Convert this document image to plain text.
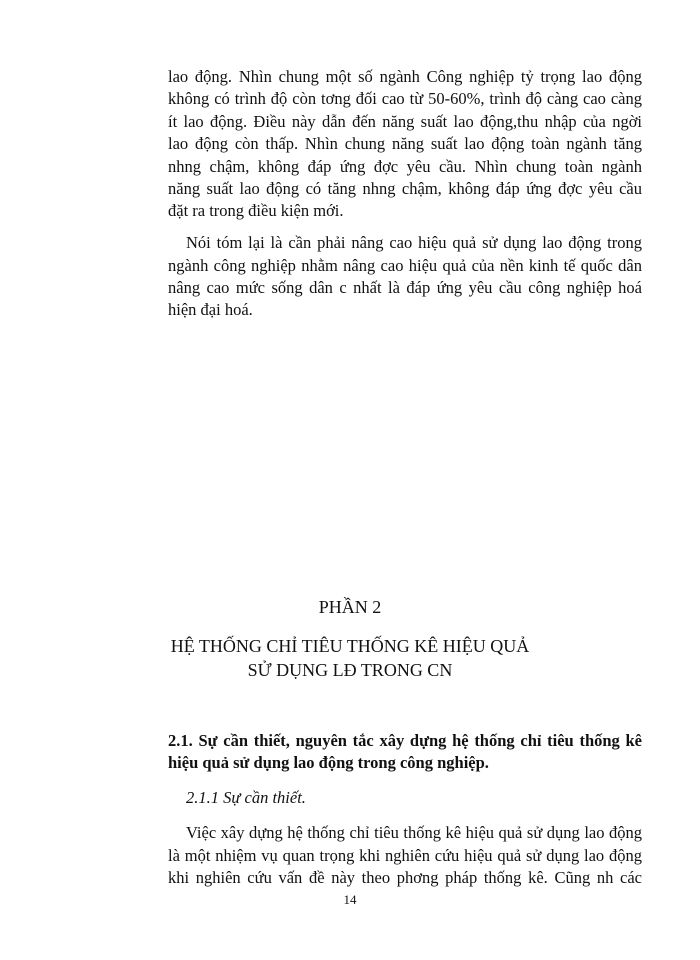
lao động. Nhìn chung một số ngành Công nghiệp tỷ trọng lao động
không có trình độ còn tơng đối cao từ 50-60%, trình độ càng cao càng
ít lao động. Điều này dẫn đến năng suất lao động,thu nhập của ngời
lao động còn thấp. Nhìn chung năng suất lao động toàn ngành tăng
nhng chậm, không đáp ứng đợc yêu cầu. Nhìn chung toàn ngành
năng suất lao động có tăng nhng chậm, không đáp ứng đợc yêu cầu
đặt ra trong điều kiện mới.
Nói tóm lại là cần phải nâng cao hiệu quả sử dụng lao động trong
ngành công nghiệp nhằm nâng cao hiệu quả của nền kinh tế quốc dân
nâng cao mức sống dân c nhất là đáp ứng yêu cầu công nghiệp hoá
hiện đại hoá.
PHẦN 2
HỆ THỐNG CHỈ TIÊU THỐNG KÊ HIỆU QUẢ
SỬ DỤNG LĐ TRONG CN
2.1. Sự cần thiết, nguyên tắc xây dựng hệ thống chỉ tiêu thống kê
hiệu quả sử dụng lao động trong công nghiệp.
2.1.1 Sự cần thiết.
Việc xây dựng hệ thống chỉ tiêu thống kê hiệu quả sử dụng lao động
là một nhiệm vụ quan trọng khi nghiên cứu hiệu quả sử dụng lao động
khi nghiên cứu vấn đề này theo phơng pháp thống kê. Cũng nh các
14
